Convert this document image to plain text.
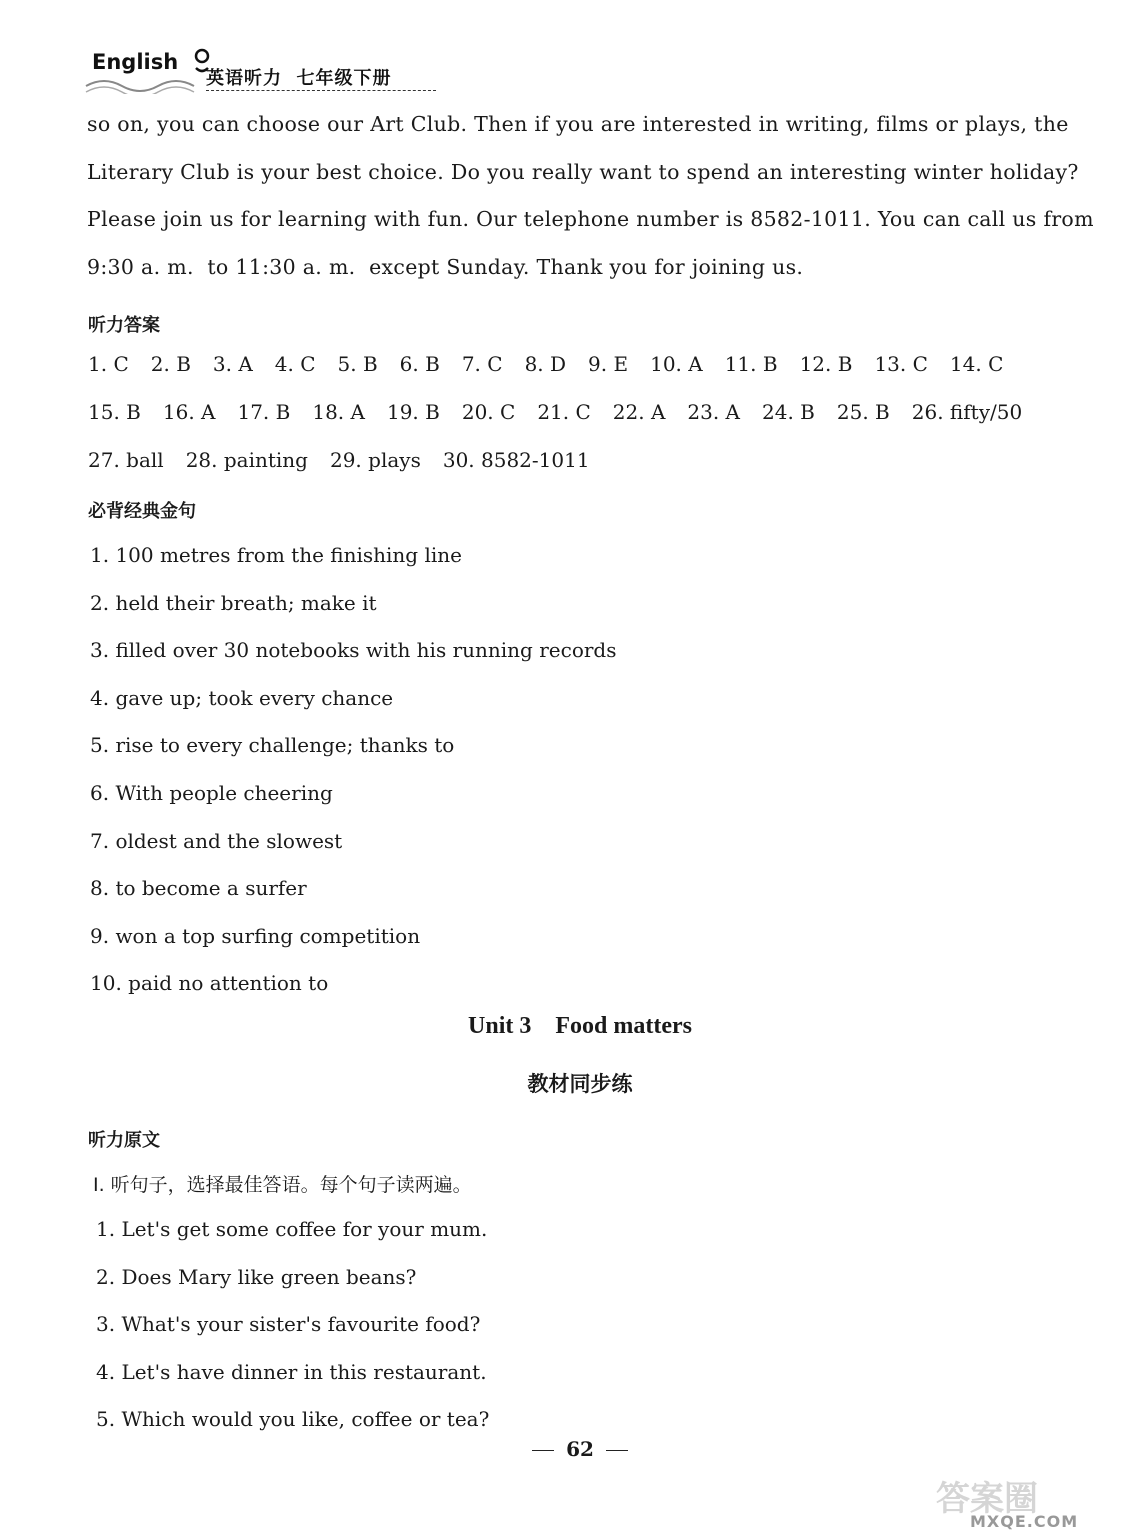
English
英语听力  七年级下册
so on, you can choose our Art Club. Then if you are interested in writing, films or plays, the
Literary Club is your best choice. Do you really want to spend an interesting winter holiday?
Please join us for learning with fun. Our telephone number is 8582-1011. You can call us from
9:30 a. m.  to 11:30 a. m.  except Sunday. Thank you for joining us.
听力答案
1. C 2. B 3. A 4. C 5. B 6. B 7. C 8. D 9. E 10. A 11. B 12. B 13. C 14. C
15. B 16. A 17. B 18. A 19. B 20. C 21. C 22. A 23. A 24. B 25. B 26. fifty/50
27. ball 28. painting 29. plays 30. 8582-1011
必背经典金句
1. 100 metres from the finishing line
2. held their breath; make it
3. filled over 30 notebooks with his running records
4. gave up; took every chance
5. rise to every challenge; thanks to
6. With people cheering
7. oldest and the slowest
8. to become a surfer
9. won a top surfing competition
10. paid no attention to
Unit 3    Food matters
教材同步练
听力原文
Ⅰ. 听句子，选择最佳答语。每个句子读两遍。
1. Let's get some coffee for your mum.
2. Does Mary like green beans?
3. What's your sister's favourite food?
4. Let's have dinner in this restaurant.
5. Which would you like, coffee or tea?
62
答案圈
MXQE.COM
